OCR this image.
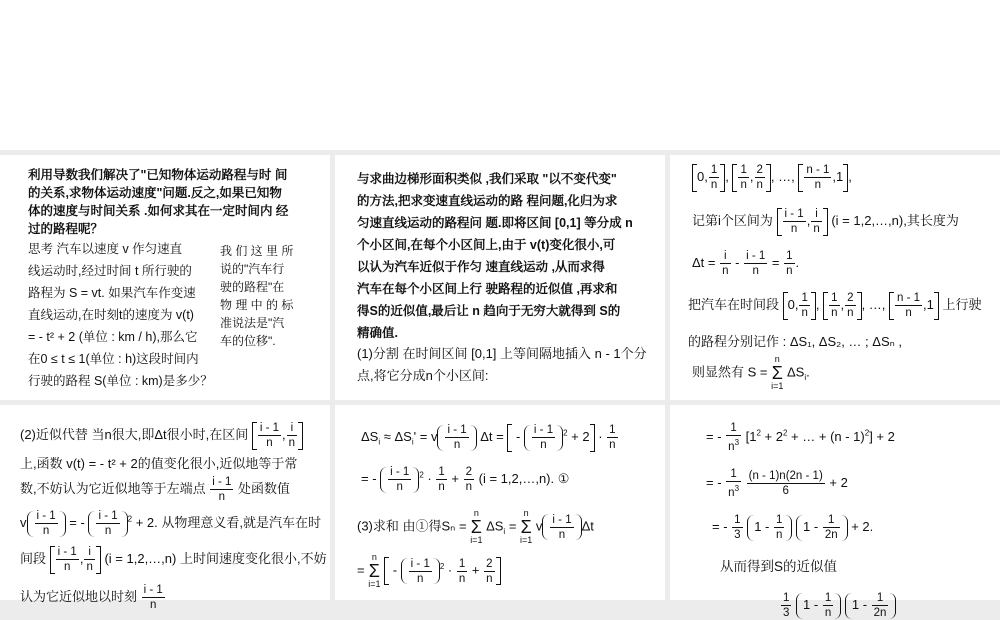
利用导数我们解决了"已知物体运动路程与时 间
的关系,求物体运动速度"问题.反之,如果已知物
体的速度与时间关系 .如何求其在一定时间内 经
过的路程呢？
思考 汽车以速度 v 作匀速直
线运动时,经过时间 t 所行驶的
路程为 S = vt. 如果汽车作变速
直线运动,在时刻t的速度为 v(t)
= - t² + 2 (单位 : km / h),那么它
在0 ≤ t ≤ 1(单位 : h)这段时间内
行驶的路程 S(单位 : km)是多少？
我 们 这 里 所
说的"汽车行
驶的路程"在
物 理 中 的 标
准说法是"汽
车的位移".
与求曲边梯形面积类似 ,我们采取 "以不变代变"
的方法,把求变速直线运动的路 程问题,化归为求
匀速直线运动的路程问 题.即将区间 [0,1] 等分成 n
个小区间,在每个小区间上,由于 v(t)变化很小,可
以认为汽车近似于作匀 速直线运动 ,从而求得
汽车在每个小区间上行 驶路程的近似值 ,再求和
得S的近似值,最后让 n 趋向于无穷大就得到 S的
精确值.
(1)分割 在时间区间 [0,1] 上等间隔地插入 n - 1个分
点,将它分成n个小区间:
0, $\frac{1}{n}$ , $\frac{1}{n}$ , $\frac{2}{n}$ , …, $\frac{n - 1}{n} ,1$ ,
记第i个区间为 $\frac{i - 1}{n}$ , $\frac{i}{n} (i$ = 1,2,…,n),其长度为
$\Delta t = \frac{i}{n} - \frac{i - 1}{n} = \frac{1}{n}$ .
把汽车在时间段 0, $\frac{1}{n}$ , $\frac{1}{n}$ , $\frac{2}{n}$ , …, $\frac{n - 1}{n} ,1$ 上行驶
的路程分别记作 : ΔS₁, ΔS₂, … ; ΔSₙ ,
则显然有 S = n
Σ
i=1 $\Delta S_i$.
(2)近似代替 当n很大,即Δt很小时,在区间 $\frac{i - 1}{n}$ , $\frac{i}{n}$
上,函数 v(t) = - t² + 2的值变化很小,近似地等于常
数,不妨认为它近似地等于左端点 $\frac{i - 1}{n}$ 处函数值
v $\frac{i - 1}{n}$ = - $\frac{i - 1}{n} ^2 + 2$. 从物理意义看,就是汽车在时
间段 $\frac{i - 1}{n}$ , $\frac{i}{n} (i$ = 1,2,…,n) 上时间速度变化很小,不妨
认为它近似地以时刻 $\frac{i - 1}{n}$
$\Delta S_i \approx \Delta S_i' = v \frac{i - 1}{n}$ Δt =  - $\frac{i - 1}{n} ^2 + 2 \cdot \frac{1}{n}$
= - $\frac{i - 1}{n} ^2 \cdot \frac{1}{n} + \frac{2}{n} (i$ = 1,2,…,n). ①
(3)求和 由①得Sₙ = n
Σ
i=1 $\Delta S_i = n$
Σ
i=1 v $\frac{i - 1}{n}$ Δt
= n
Σ
$i=1 - \frac{i - 1}{n} ^2 \cdot \frac{1}{n} + \frac{2}{n}$
= - $\frac{1}{n^3} [1^2 + 2^2$ + … + (n - 1)$^2$] + 2
= - $\frac{1}{n^3}$
$\frac{(n - 1)n(2n - 1)}{6} + 2$
= - $\frac{1}{3} 1 - \frac{1}{n} 1 - \frac{1}{2n} + 2$.
从而得到S的近似值
$\frac{1}{3} 1 - \frac{1}{n} 1 - \frac{1}{2n}$
